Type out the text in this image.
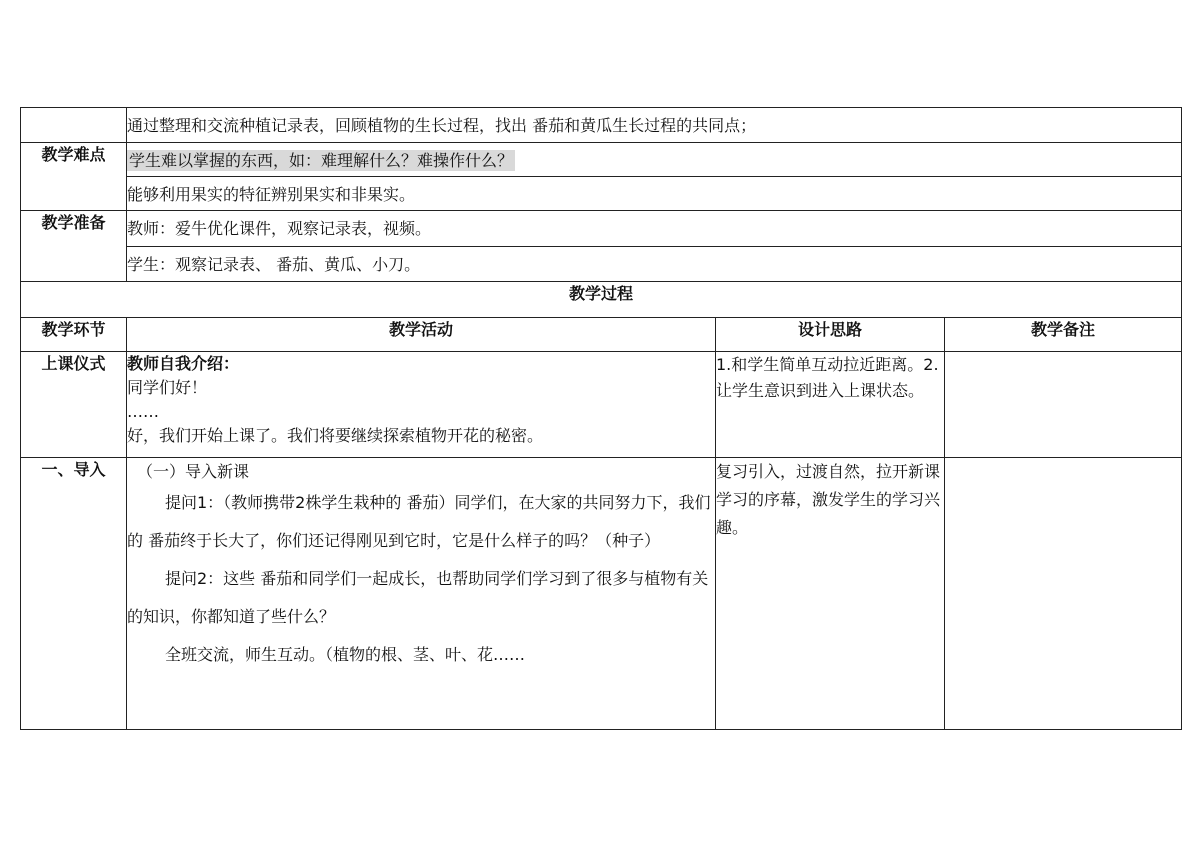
	通过整理和交流种植记录表，回顾植物的生长过程，找出 番茄和黄瓜生长过程的共同点；		
教学难点	学生难以掌握的东西，如：难理解什么？难操作什么？		
	能够利用果实的特征辨别果实和非果实。		
教学准备	教师：爱牛优化课件，观察记录表，视频。		
	学生：观察记录表、 番茄、黄瓜、小刀。		
教学过程			
教学环节	教学活动	设计思路	教学备注
上课仪式	教师自我介绍：
同学们好！
……
好，我们开始上课了。我们将要继续探索植物开花的秘密。	1.和学生简单互动拉近距离。2.让学生意识到进入上课状态。	
一、导入	（一）导入新课
提问1：（教师携带2株学生栽种的 番茄）同学们，在大家的共同努力下，我们的 番茄终于长大了，你们还记得刚见到它时，它是什么样子的吗？（种子）
提问2：这些 番茄和同学们一起成长，也帮助同学们学习到了很多与植物有关的知识，你都知道了些什么？
全班交流，师生互动。（植物的根、茎、叶、花……	复习引入，过渡自然，拉开新课学习的序幕，激发学生的学习兴趣。	
